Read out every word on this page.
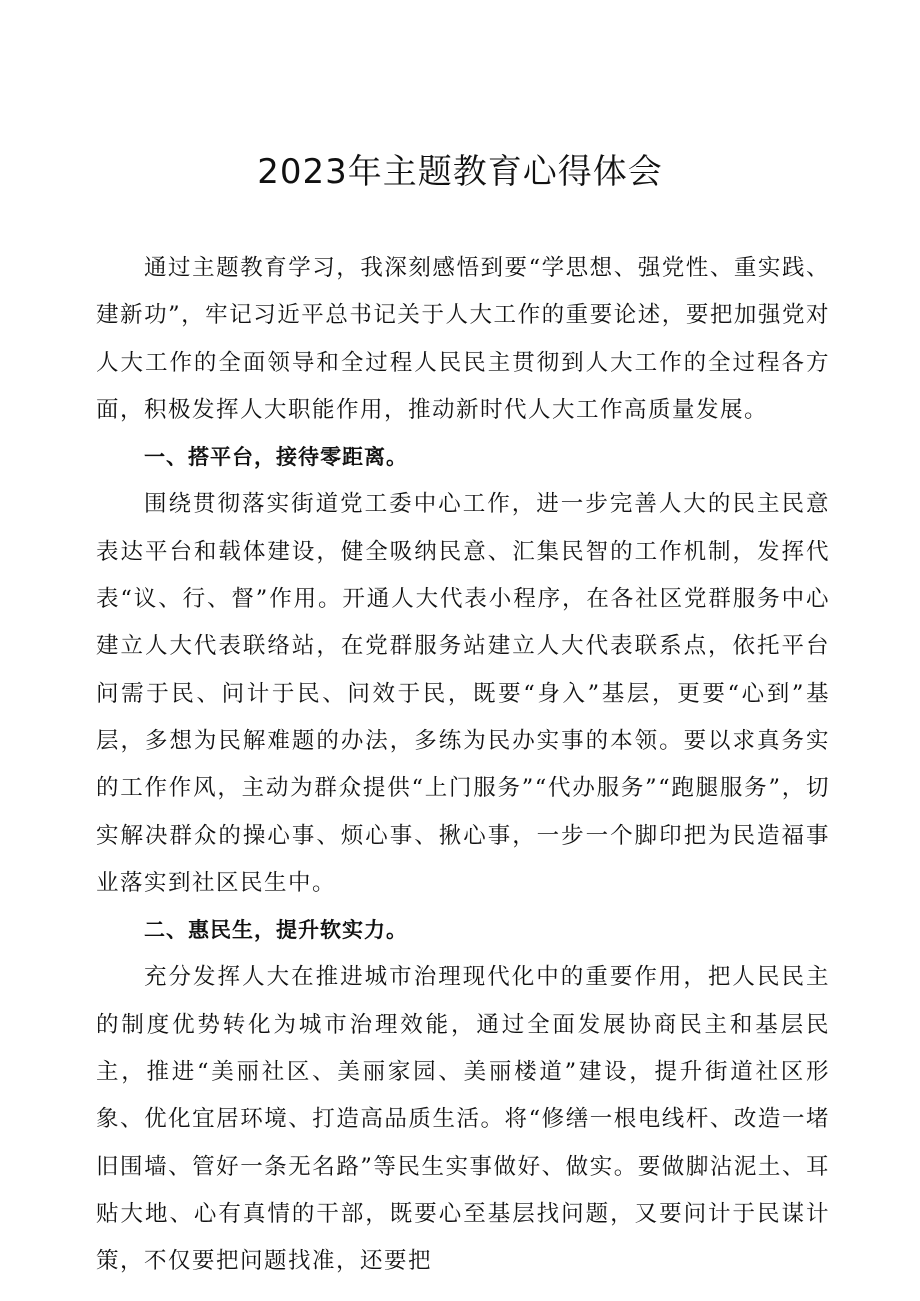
2023年主题教育心得体会

通过主题教育学习，我深刻感悟到要“学思想、强党性、重实践、建新功”，牢记习近平总书记关于人大工作的重要论述，要把加强党对人大工作的全面领导和全过程人民民主贯彻到人大工作的全过程各方面，积极发挥人大职能作用，推动新时代人大工作高质量发展。

一、搭平台，接待零距离。

围绕贯彻落实街道党工委中心工作，进一步完善人大的民主民意表达平台和载体建设，健全吸纳民意、汇集民智的工作机制，发挥代表“议、行、督”作用。开通人大代表小程序，在各社区党群服务中心建立人大代表联络站，在党群服务站建立人大代表联系点，依托平台问需于民、问计于民、问效于民，既要“身入”基层，更要“心到”基层，多想为民解难题的办法，多练为民办实事的本领。要以求真务实的工作作风，主动为群众提供“上门服务”“代办服务”“跑腿服务”，切实解决群众的操心事、烦心事、揪心事，一步一个脚印把为民造福事业落实到社区民生中。

二、惠民生，提升软实力。

充分发挥人大在推进城市治理现代化中的重要作用，把人民民主的制度优势转化为城市治理效能，通过全面发展协商民主和基层民主，推进“美丽社区、美丽家园、美丽楼道”建设，提升街道社区形象、优化宜居环境、打造高品质生活。将“修缮一根电线杆、改造一堵旧围墙、管好一条无名路”等民生实事做好、做实。要做脚沾泥土、耳贴大地、心有真情的干部，既要心至基层找问题，又要问计于民谋计策，不仅要把问题找准，还要把
